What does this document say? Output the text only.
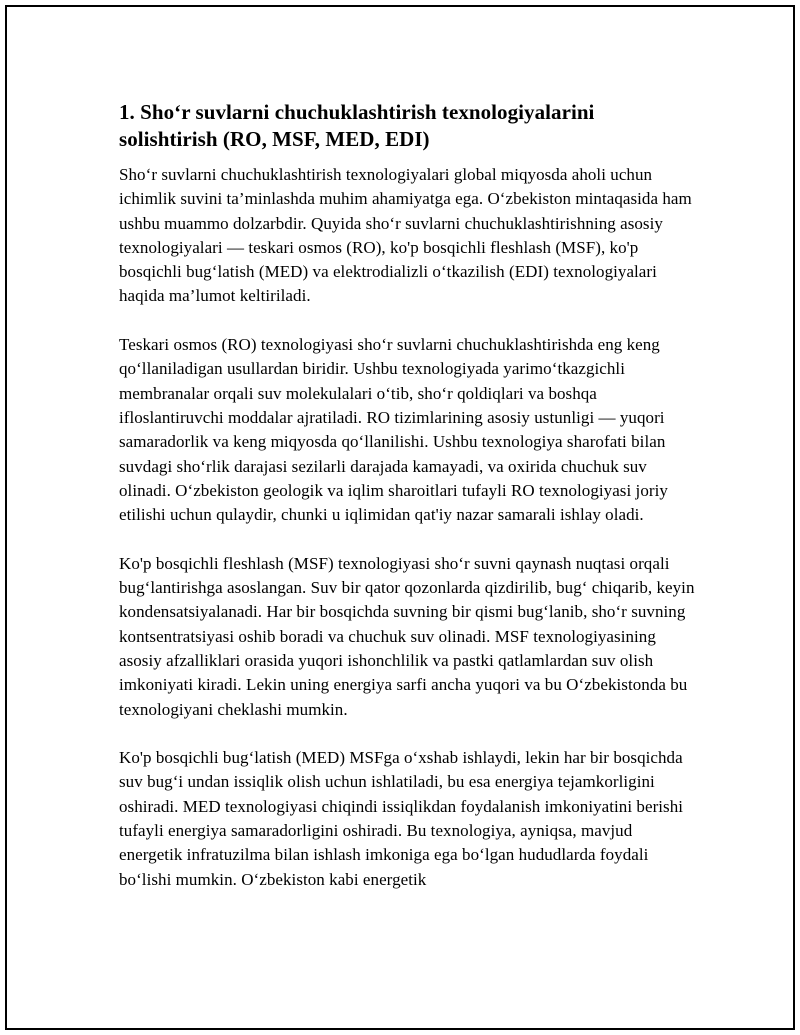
1. Sho‘r suvlarni chuchuklashtirish texnologiyalarini solishtirish (RO, MSF, MED, EDI)

Sho‘r suvlarni chuchuklashtirish texnologiyalari global miqyosda aholi uchun ichimlik suvini ta’minlashda muhim ahamiyatga ega. O‘zbekiston mintaqasida ham ushbu muammo dolzarbdir. Quyida sho‘r suvlarni chuchuklashtirishning asosiy texnologiyalari — teskari osmos (RO), ko'p bosqichli fleshlash (MSF), ko'p bosqichli bug‘latish (MED) va elektrodializli o‘tkazilish (EDI) texnologiyalari haqida ma’lumot keltiriladi.

Teskari osmos (RO) texnologiyasi sho‘r suvlarni chuchuklashtirishda eng keng qo‘llaniladigan usullardan biridir. Ushbu texnologiyada yarimo‘tkazgichli membranalar orqali suv molekulalari o‘tib, sho‘r qoldiqlari va boshqa ifloslantiruvchi moddalar ajratiladi. RO tizimlarining asosiy ustunligi — yuqori samaradorlik va keng miqyosda qo‘llanilishi. Ushbu texnologiya sharofati bilan suvdagi sho‘rlik darajasi sezilarli darajada kamayadi, va oxirida chuchuk suv olinadi. O‘zbekiston geologik va iqlim sharoitlari tufayli RO texnologiyasi joriy etilishi uchun qulaydir, chunki u iqlimidan qat'iy nazar samarali ishlay oladi.

Ko'p bosqichli fleshlash (MSF) texnologiyasi sho‘r suvni qaynash nuqtasi orqali bug‘lantirishga asoslangan. Suv bir qator qozonlarda qizdirilib, bug‘ chiqarib, keyin kondensatsiyalanadi. Har bir bosqichda suvning bir qismi bug‘lanib, sho‘r suvning kontsentratsiyasi oshib boradi va chuchuk suv olinadi. MSF texnologiyasining asosiy afzalliklari orasida yuqori ishonchlilik va pastki qatlamlardan suv olish imkoniyati kiradi. Lekin uning energiya sarfi ancha yuqori va bu O‘zbekistonda bu texnologiyani cheklashi mumkin.

Ko'p bosqichli bug‘latish (MED) MSFga o‘xshab ishlaydi, lekin har bir bosqichda suv bug‘i undan issiqlik olish uchun ishlatiladi, bu esa energiya tejamkorligini oshiradi. MED texnologiyasi chiqindi issiqlikdan foydalanish imkoniyatini berishi tufayli energiya samaradorligini oshiradi. Bu texnologiya, ayniqsa, mavjud energetik infratuzilma bilan ishlash imkoniga ega bo‘lgan hududlarda foydali bo‘lishi mumkin. O‘zbekiston kabi energetik
